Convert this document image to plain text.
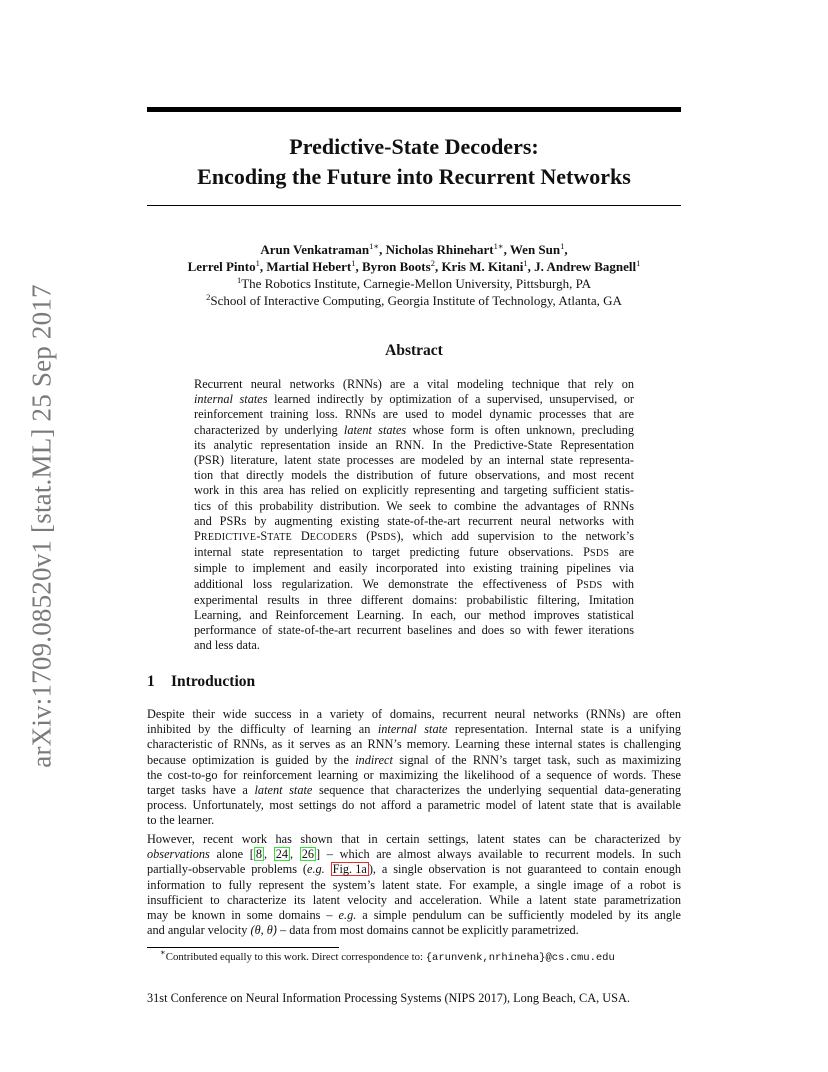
arXiv:1709.08520v1 [stat.ML] 25 Sep 2017
Predictive-State Decoders:
Encoding the Future into Recurrent Networks
Arun Venkatraman$^{1∗}$, Nicholas Rhinehart$^{1∗}$, Wen Sun$^1$,
Lerrel Pinto$^1$, Martial Hebert$^1$, Byron Boots$^2$, Kris M. Kitani$^1$, J. Andrew Bagnell$^1$
$^1$The Robotics Institute, Carnegie-Mellon University, Pittsburgh, PA
$^2$School of Interactive Computing, Georgia Institute of Technology, Atlanta, GA
Abstract
Recurrent neural networks (RNNs) are a vital modeling technique that rely on
internal states learned indirectly by optimization of a supervised, unsupervised, or
reinforcement training loss. RNNs are used to model dynamic processes that are
characterized by underlying latent states whose form is often unknown, precluding
its analytic representation inside an RNN. In the Predictive-State Representation
(PSR) literature, latent state processes are modeled by an internal state representa-
tion that directly models the distribution of future observations, and most recent
work in this area has relied on explicitly representing and targeting sufficient statis-
tics of this probability distribution. We seek to combine the advantages of RNNs
and PSRs by augmenting existing state-of-the-art recurrent neural networks with
PREDICTIVE-STATE DECODERS (PSDS), which add supervision to the network’s
internal state representation to target predicting future observations. PSDS are
simple to implement and easily incorporated into existing training pipelines via
additional loss regularization. We demonstrate the effectiveness of PSDS with
experimental results in three different domains: probabilistic filtering, Imitation
Learning, and Reinforcement Learning. In each, our method improves statistical
performance of state-of-the-art recurrent baselines and does so with fewer iterations
and less data.
1 Introduction
Despite their wide success in a variety of domains, recurrent neural networks (RNNs) are often
inhibited by the difficulty of learning an internal state representation. Internal state is a unifying
characteristic of RNNs, as it serves as an RNN’s memory. Learning these internal states is challenging
because optimization is guided by the indirect signal of the RNN’s target task, such as maximizing
the cost-to-go for reinforcement learning or maximizing the likelihood of a sequence of words. These
target tasks have a latent state sequence that characterizes the underlying sequential data-generating
process. Unfortunately, most settings do not afford a parametric model of latent state that is available
to the learner.
However, recent work has shown that in certain settings, latent states can be characterized by
observations alone [ 8 , 24 , 26 ] – which are almost always available to recurrent models. In such
partially-observable problems (e.g. Fig. 1a ), a single observation is not guaranteed to contain enough
information to fully represent the system’s latent state. For example, a single image of a robot is
insufficient to characterize its latent velocity and acceleration. While a latent state parametrization
may be known in some domains – e.g. a simple pendulum can be sufficiently modeled by its angle
and angular velocity (θ, θ̇) – data from most domains cannot be explicitly parametrized.
∗Contributed equally to this work. Direct correspondence to: {arunvenk,nrhineha}@cs.cmu.edu
31st Conference on Neural Information Processing Systems (NIPS 2017), Long Beach, CA, USA.
